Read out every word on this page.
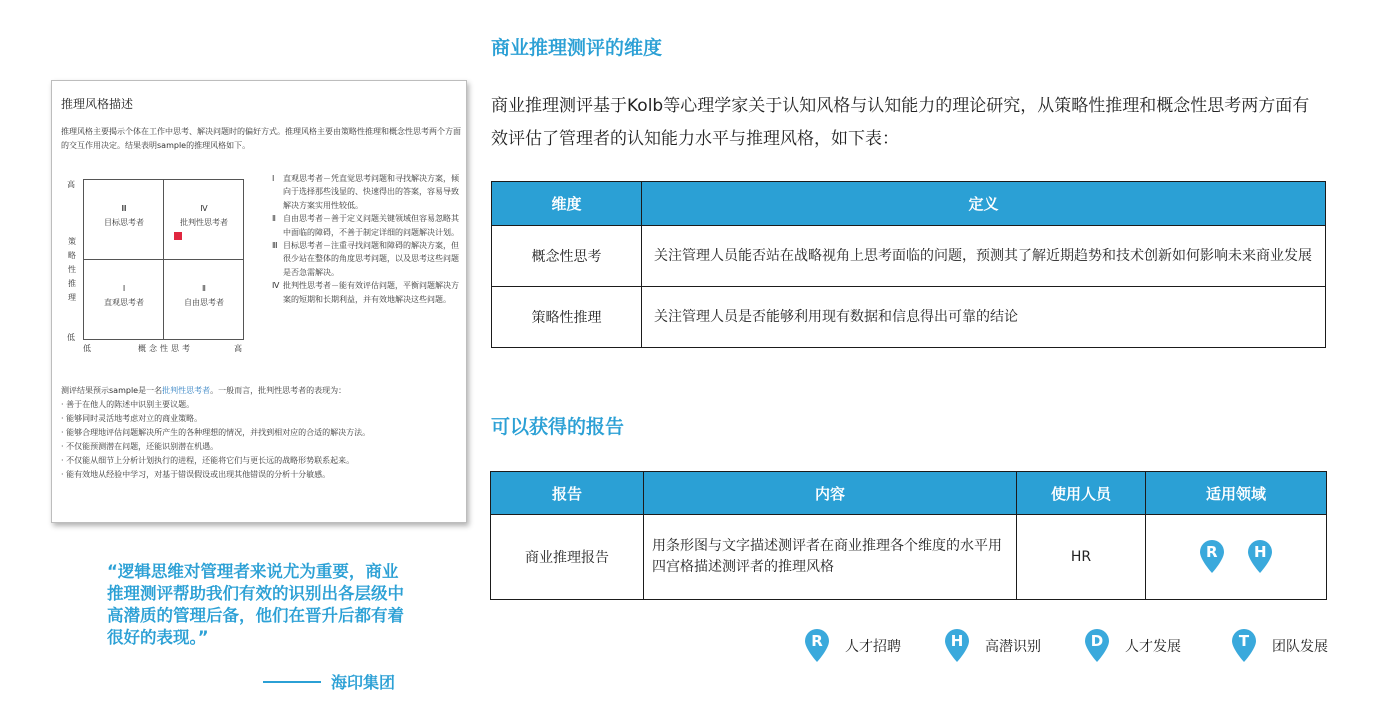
推理风格描述
推理风格主要揭示个体在工作中思考、解决问题时的偏好方式。推理风格主要由策略性推理和概念性思考两个方面的交互作用决定。结果表明sample的推理风格如下。
高
策略性推理
低
Ⅲ
目标思考者
Ⅳ
批判性思考者
Ⅰ
直观思考者
Ⅱ
自由思考者
低	概念性思考	高
Ⅰ	直观思考者－凭直觉思考问题和寻找解决方案，倾向于选择那些浅显的、快速得出的答案，容易导致解决方案实用性较低。
Ⅱ 自由思考者－善于定义问题关键领域但容易忽略其中面临的障碍，不善于制定详细的问题解决计划。
Ⅲ 目标思考者－注重寻找问题和障碍的解决方案，但很少站在整体的角度思考问题，以及思考这些问题是否急需解决。
Ⅳ 批判性思考者－能有效评估问题，平衡问题解决方案的短期和长期利益，并有效地解决这些问题。
测评结果预示sample是一名批判性思考者。一般而言，批判性思考者的表现为：
· 善于在他人的陈述中识别主要议题。
· 能够同时灵活地考虑对立的商业策略。
· 能够合理地评估问题解决所产生的各种理想的情况，并找到相对应的合适的解决方法。
· 不仅能预测潜在问题，还能识别潜在机遇。
· 不仅能从细节上分析计划执行的进程，还能将它们与更长远的战略形势联系起来。
· 能有效地从经验中学习，对基于错误假设或出现其他错误的分析十分敏感。
“逻辑思维对管理者来说尤为重要，商业推理测评帮助我们有效的识别出各层级中高潜质的管理后备，他们在晋升后都有着很好的表现。”
海印集团
商业推理测评的维度
商业推理测评基于Kolb等心理学家关于认知风格与认知能力的理论研究，从策略性推理和概念性思考两方面有效评估了管理者的认知能力水平与推理风格，如下表：
维度	定义
概念性思考	关注管理人员能否站在战略视角上思考面临的问题，预测其了解近期趋势和技术创新如何影响未来商业发展
策略性推理	关注管理人员是否能够利用现有数据和信息得出可靠的结论
可以获得的报告
报告	内容	使用人员	适用领域
商业推理报告	用条形图与文字描述测评者在商业推理各个维度的水平用四宫格描述测评者的推理风格	HR	R
H
R	人才招聘	H	高潜识别	D	人才发展	T	团队发展
